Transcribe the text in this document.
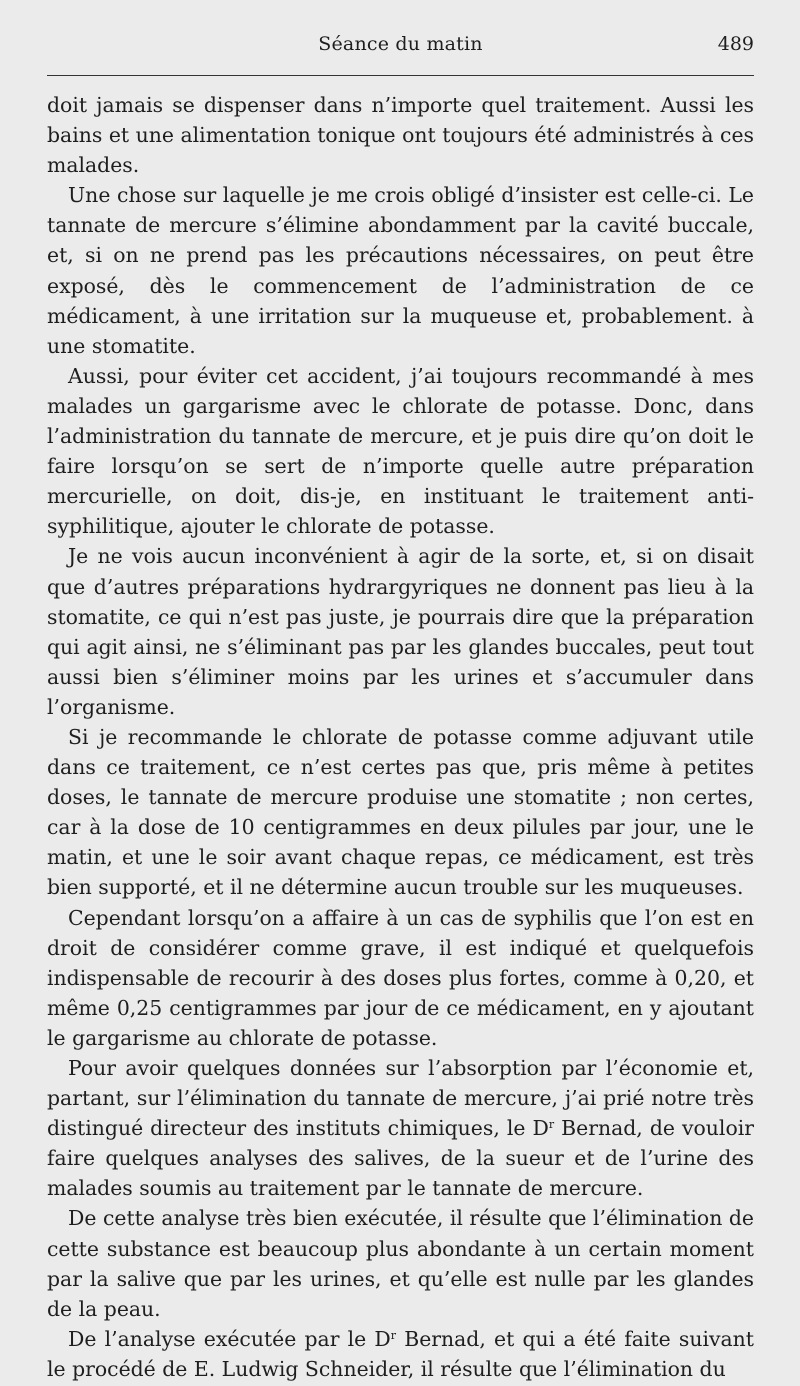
Séance du matin	489

doit jamais se dispenser dans n’importe quel traitement. Aussi les bains et une alimentation tonique ont toujours été administrés à ces malades.

Une chose sur laquelle je me crois obligé d’insister est celle-ci. Le tannate de mercure s’élimine abondamment par la cavité buccale, et, si on ne prend pas les précautions nécessaires, on peut être exposé, dès le commencement de l’administration de ce médicament, à une irritation sur la muqueuse et, probablement. à une stomatite.

Aussi, pour éviter cet accident, j’ai toujours recommandé à mes malades un gargarisme avec le chlorate de potasse. Donc, dans l’administration du tannate de mercure, et je puis dire qu’on doit le faire lorsqu’on se sert de n’importe quelle autre préparation mercurielle, on doit, dis-je, en instituant le traitement anti-syphilitique, ajouter le chlorate de potasse.

Je ne vois aucun inconvénient à agir de la sorte, et, si on disait que d’autres préparations hydrargyriques ne donnent pas lieu à la stomatite, ce qui n’est pas juste, je pourrais dire que la préparation qui agit ainsi, ne s’éliminant pas par les glandes buccales, peut tout aussi bien s’éliminer moins par les urines et s’accumuler dans l’organisme.

Si je recommande le chlorate de potasse comme adjuvant utile dans ce traitement, ce n’est certes pas que, pris même à petites doses, le tannate de mercure produise une stomatite ; non certes, car à la dose de 10 centigrammes en deux pilules par jour, une le matin, et une le soir avant chaque repas, ce médicament, est très bien supporté, et il ne détermine aucun trouble sur les muqueuses.

Cependant lorsqu’on a affaire à un cas de syphilis que l’on est en droit de considérer comme grave, il est indiqué et quelquefois indispensable de recourir à des doses plus fortes, comme à 0,20, et même 0,25 centigrammes par jour de ce médicament, en y ajoutant le gargarisme au chlorate de potasse.

Pour avoir quelques données sur l’absorption par l’économie et, partant, sur l’élimination du tannate de mercure, j’ai prié notre très distingué directeur des instituts chimiques, le $D^r$ Bernad, de vouloir faire quelques analyses des salives, de la sueur et de l’urine des malades soumis au traitement par le tannate de mercure.

De cette analyse très bien exécutée, il résulte que l’élimination de cette substance est beaucoup plus abondante à un certain moment par la salive que par les urines, et qu’elle est nulle par les glandes de la peau.

De l’analyse exécutée par le $D^r$ Bernad, et qui a été faite suivant le procédé de E. Ludwig Schneider, il résulte que l’élimination du
